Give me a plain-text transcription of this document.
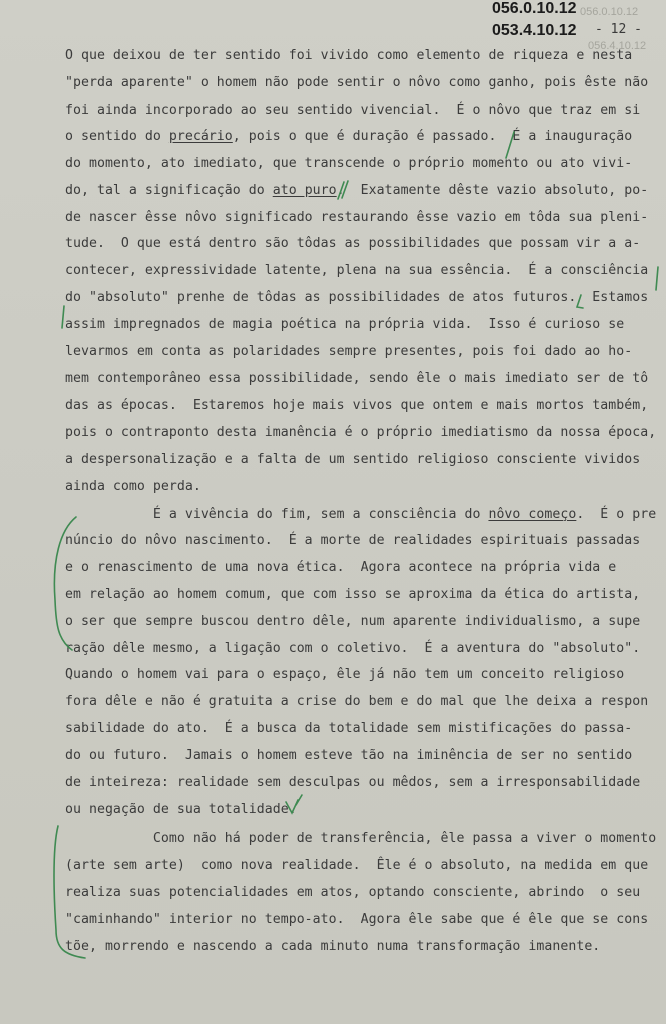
056.0.10.12
053.4.10.12
056.0.10.12
056.4.10.12
- 12 -
O que deixou de ter sentido foi vivido como elemento de riqueza e nesta
"perda aparente" o homem não pode sentir o nôvo como ganho, pois êste não
foi ainda incorporado ao seu sentido vivencial.  É o nôvo que traz em si
o sentido do precário, pois o que é duração é passado.  É a inauguração
do momento, ato imediato, que transcende o próprio momento ou ato vivi-
do, tal a significação do ato puro.  Exatamente dêste vazio absoluto, po-
de nascer êsse nôvo significado restaurando êsse vazio em tôda sua pleni-
tude.  O que está dentro são tôdas as possibilidades que possam vir a a-
contecer, expressividade latente, plena na sua essência.  É a consciência
do "absoluto" prenhe de tôdas as possibilidades de atos futuros.  Estamos
assim impregnados de magia poética na própria vida.  Isso é curioso se
levarmos em conta as polaridades sempre presentes, pois foi dado ao ho-
mem contemporâneo essa possibilidade, sendo êle o mais imediato ser de tô
das as épocas.  Estaremos hoje mais vivos que ontem e mais mortos também,
pois o contraponto desta imanência é o próprio imediatismo da nossa época,
a despersonalização e a falta de um sentido religioso consciente vividos
ainda como perda.
É a vivência do fim, sem a consciência do nôvo começo.  É o pre
núncio do nôvo nascimento.  É a morte de realidades espirituais passadas
e o renascimento de uma nova ética.  Agora acontece na própria vida e
em relação ao homem comum, que com isso se aproxima da ética do artista,
o ser que sempre buscou dentro dêle, num aparente individualismo, a supe
ração dêle mesmo, a ligação com o coletivo.  É a aventura do "absoluto".
Quando o homem vai para o espaço, êle já não tem um conceito religioso
fora dêle e não é gratuita a crise do bem e do mal que lhe deixa a respon
sabilidade do ato.  É a busca da totalidade sem mistificações do passa-
do ou futuro.  Jamais o homem esteve tão na iminência de ser no sentido
de inteireza: realidade sem desculpas ou mêdos, sem a irresponsabilidade
ou negação de sua totalidade.
Como não há poder de transferência, êle passa a viver o momento
(arte sem arte)  como nova realidade.  Êle é o absoluto, na medida em que
realiza suas potencialidades em atos, optando consciente, abrindo  o seu
"caminhando" interior no tempo-ato.  Agora êle sabe que é êle que se cons
tõe, morrendo e nascendo a cada minuto numa transformação imanente.
